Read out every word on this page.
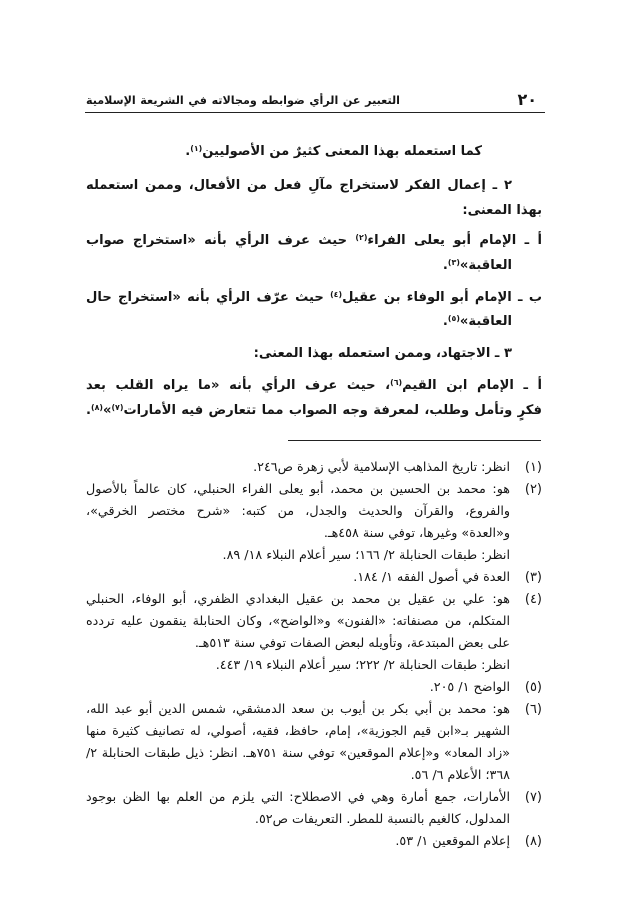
التعبير عن الرأي ضوابطه ومجالاته في الشريعة الإسلامية	٢٠
كما استعمله بهذا المعنى كثيرٌ من الأصوليين$^{(١)}$.
٢ ـ إعمال الفكر لاستخراج مآلِ فعل من الأفعال، وممن استعمله
بهذا المعنى:
أ ـ الإمام أبو يعلى الفراء$^{(٢)}$ حيث عرف الرأي بأنه «استخراج صواب
العاقبة»$^{(٣)}$.
ب ـ الإمام أبو الوفاء بن عقيل$^{(٤)}$ حيث عرّف الرأي بأنه «استخراج حال
العاقبة»$^{(٥)}$.
٣ ـ الاجتهاد، وممن استعمله بهذا المعنى:
أ ـ الإمام ابن القيم$^{(٦)}$، حيث عرف الرأي بأنه «ما يراه القلب بعد
فكرٍ وتأمل وطلب، لمعرفة وجه الصواب مما تتعارض فيه الأمارات$^{(٧)}$»$^{(٨)}$.
(١)
انظر: تاريخ المذاهب الإسلامية لأبي زهرة ص٢٤٦.
(٢)
هو: محمد بن الحسين بن محمد، أبو يعلى الفراء الحنبلي، كان عالماً بالأصول
والفروع، والقرآن والحديث والجدل، من كتبه: «شرح مختصر الخرقي»،
و«العدة» وغيرها، توفي سنة ٤٥٨هـ.
انظر: طبقات الحنابلة ٢/ ١٦٦؛ سير أعلام النبلاء ١٨/ ٨٩.
(٣)
العدة في أصول الفقه ١/ ١٨٤.
(٤)
هو: علي بن عقيل بن محمد بن عقيل البغدادي الظفري، أبو الوفاء، الحنبلي
المتكلم، من مصنفاته: «الفنون» و«الواضح»، وكان الحنابلة ينقمون عليه تردده
على بعض المبتدعة، وتأويله لبعض الصفات توفي سنة ٥١٣هـ.
انظر: طبقات الحنابلة ٢/ ٢٢٢؛ سير أعلام النبلاء ١٩/ ٤٤٣.
(٥)
الواضح ١/ ٢٠٥.
(٦)
هو: محمد بن أبي بكر بن أيوب بن سعد الدمشقي، شمس الدين أبو عبد الله،
الشهير بـ«ابن قيم الجوزية»، إمام، حافظ، فقيه، أصولي، له تصانيف كثيرة منها
«زاد المعاد» و«إعلام الموقعين» توفي سنة ٧٥١هـ. انظر: ذيل طبقات الحنابلة ٢/
٣٦٨؛ الأعلام ٦/ ٥٦.
(٧)
الأمارات، جمع أمارة وهي في الاصطلاح: التي يلزم من العلم بها الظن بوجود
المدلول، كالغيم بالنسبة للمطر. التعريفات ص٥٢.
(٨)
إعلام الموقعين ١/ ٥٣.
